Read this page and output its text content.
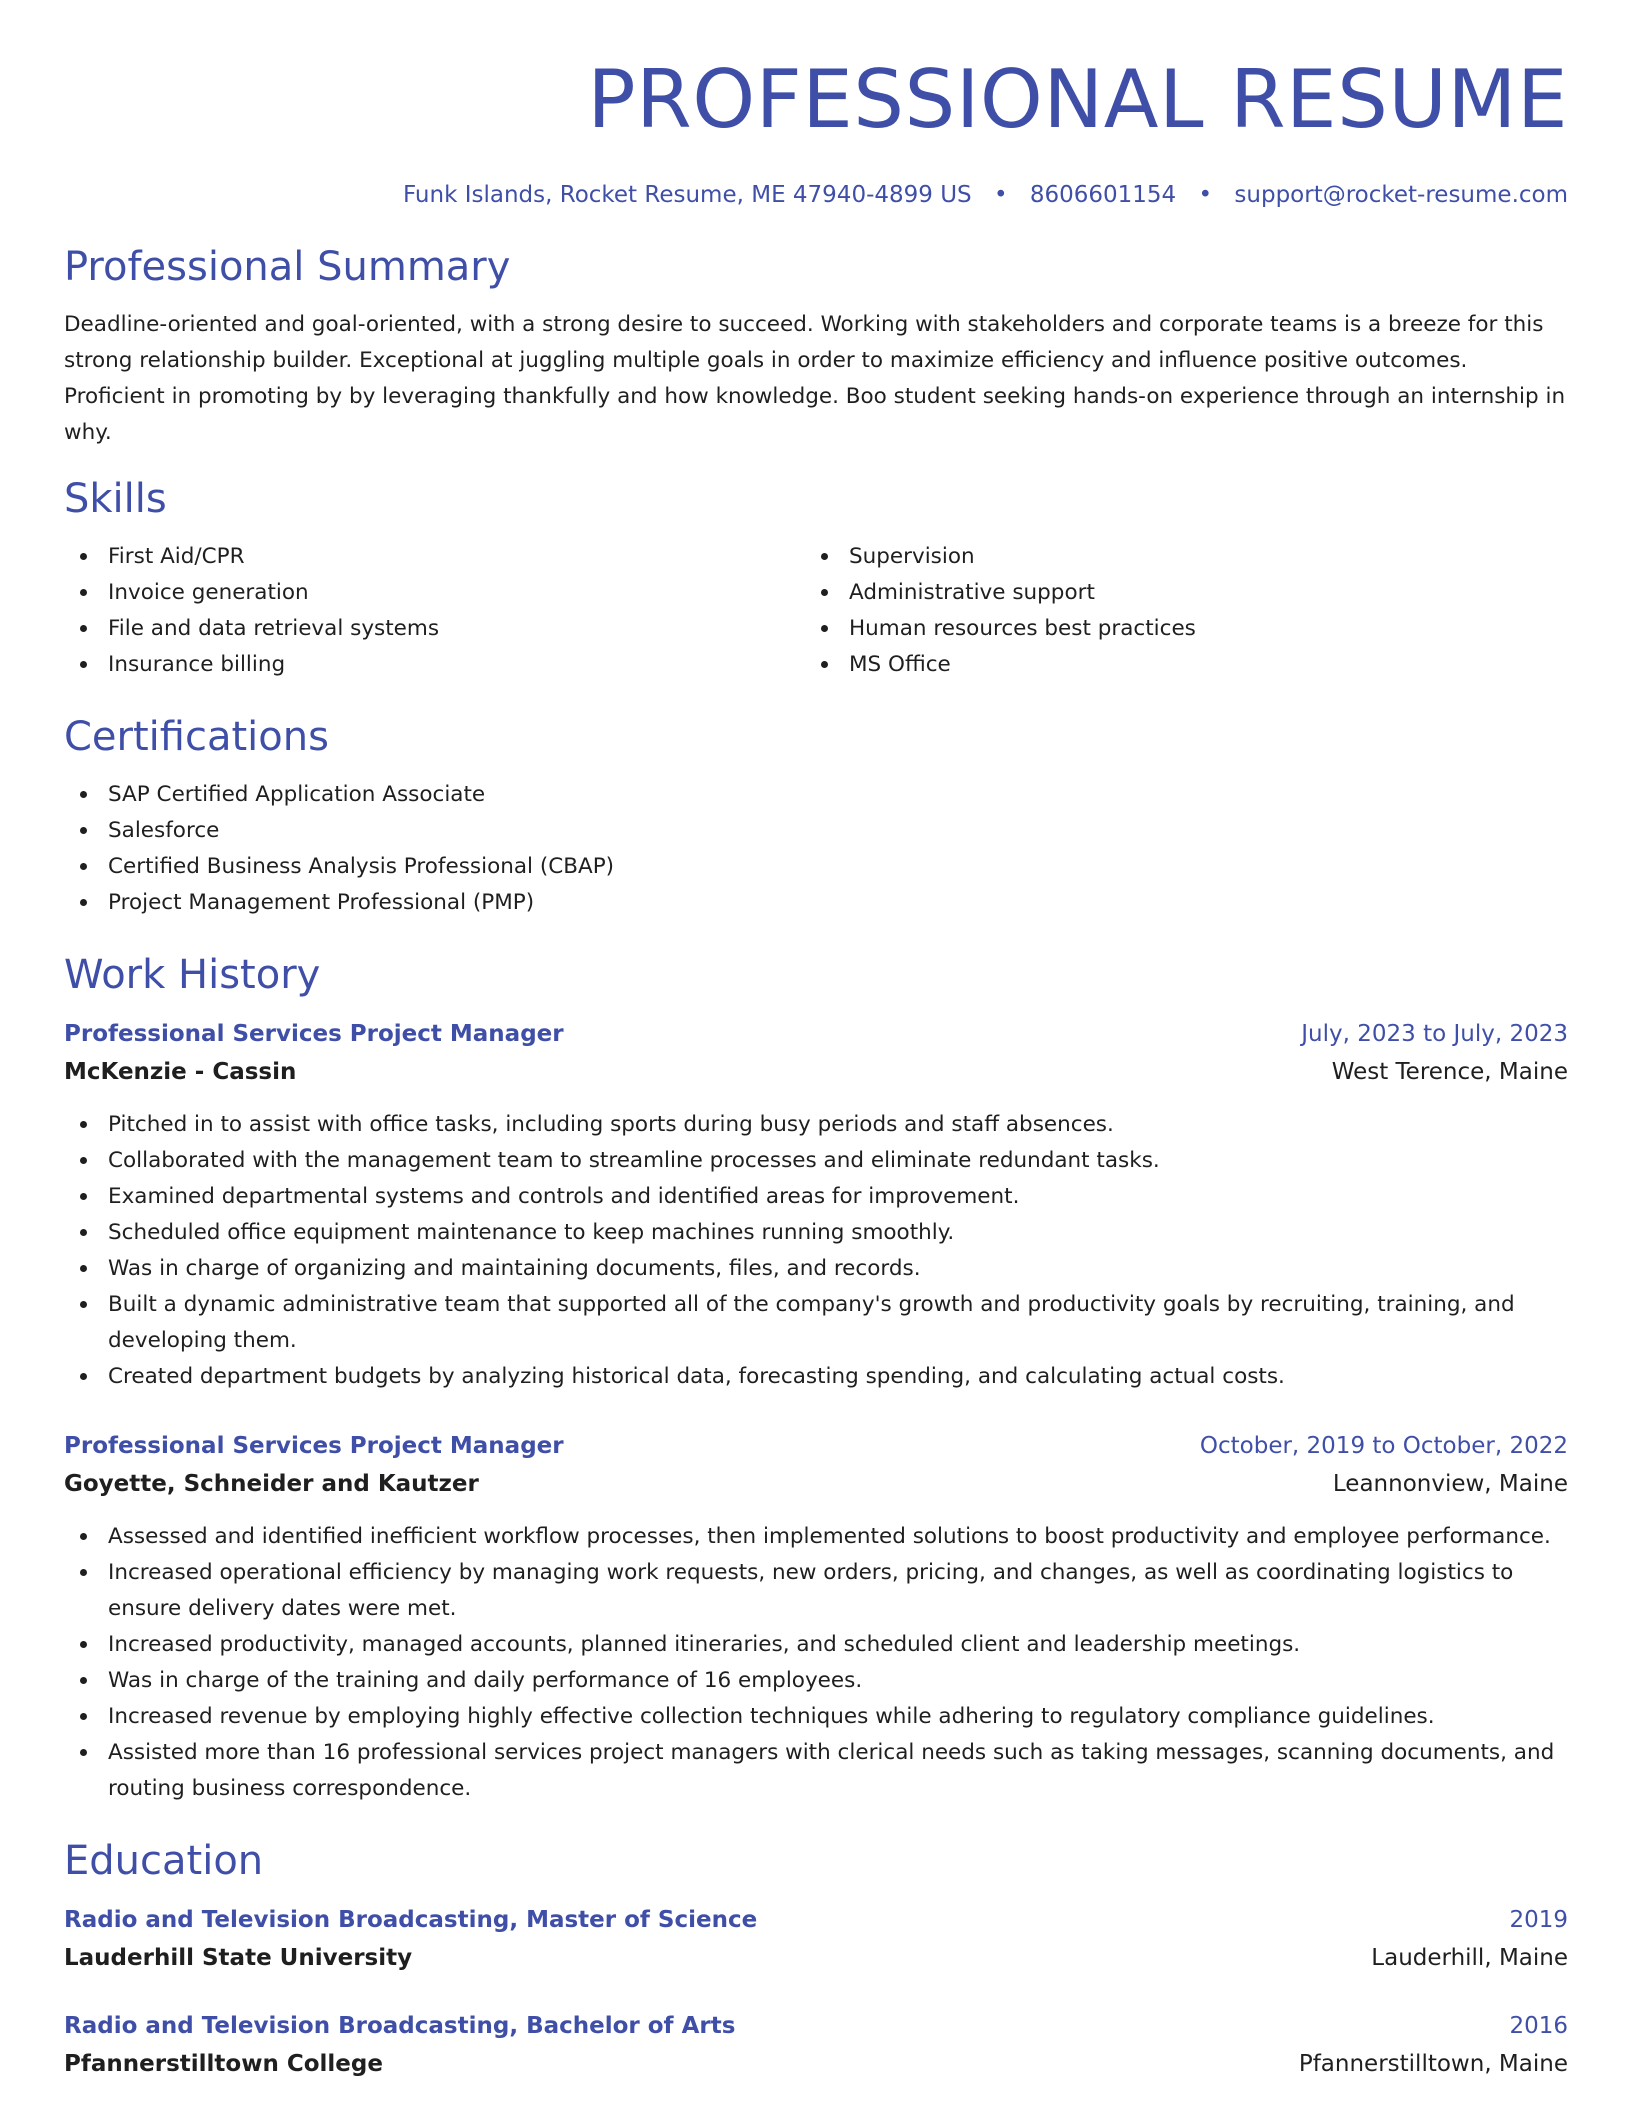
PROFESSIONAL RESUME
Funk Islands, Rocket Resume, ME 47940-4899 US • 8606601154 • support@rocket-resume.com
Professional Summary

Deadline-oriented and goal-oriented, with a strong desire to succeed. Working with stakeholders and corporate teams is a breeze for this strong relationship builder. Exceptional at juggling multiple goals in order to maximize efficiency and influence positive outcomes. Proficient in promoting by by leveraging thankfully and how knowledge. Boo student seeking hands-on experience through an internship in why.

Skills
First Aid/CPR
Invoice generation
File and data retrieval systems
Insurance billing
Supervision
Administrative support
Human resources best practices
MS Office
Certifications
SAP Certified Application Associate
Salesforce
Certified Business Analysis Professional (CBAP)
Project Management Professional (PMP)
Work History
Professional Services Project Manager	July, 2023 to July, 2023
McKenzie - Cassin	West Terence, Maine
Pitched in to assist with office tasks, including sports during busy periods and staff absences.
Collaborated with the management team to streamline processes and eliminate redundant tasks.
Examined departmental systems and controls and identified areas for improvement.
Scheduled office equipment maintenance to keep machines running smoothly.
Was in charge of organizing and maintaining documents, files, and records.
Built a dynamic administrative team that supported all of the company's growth and productivity goals by recruiting, training, and developing them.
Created department budgets by analyzing historical data, forecasting spending, and calculating actual costs.
Professional Services Project Manager	October, 2019 to October, 2022
Goyette, Schneider and Kautzer	Leannonview, Maine
Assessed and identified inefficient workflow processes, then implemented solutions to boost productivity and employee performance.
Increased operational efficiency by managing work requests, new orders, pricing, and changes, as well as coordinating logistics to ensure delivery dates were met.
Increased productivity, managed accounts, planned itineraries, and scheduled client and leadership meetings.
Was in charge of the training and daily performance of 16 employees.
Increased revenue by employing highly effective collection techniques while adhering to regulatory compliance guidelines.
Assisted more than 16 professional services project managers with clerical needs such as taking messages, scanning documents, and routing business correspondence.
Education
Radio and Television Broadcasting, Master of Science	2019
Lauderhill State University	Lauderhill, Maine
Radio and Television Broadcasting, Bachelor of Arts	2016
Pfannerstilltown College	Pfannerstilltown, Maine
